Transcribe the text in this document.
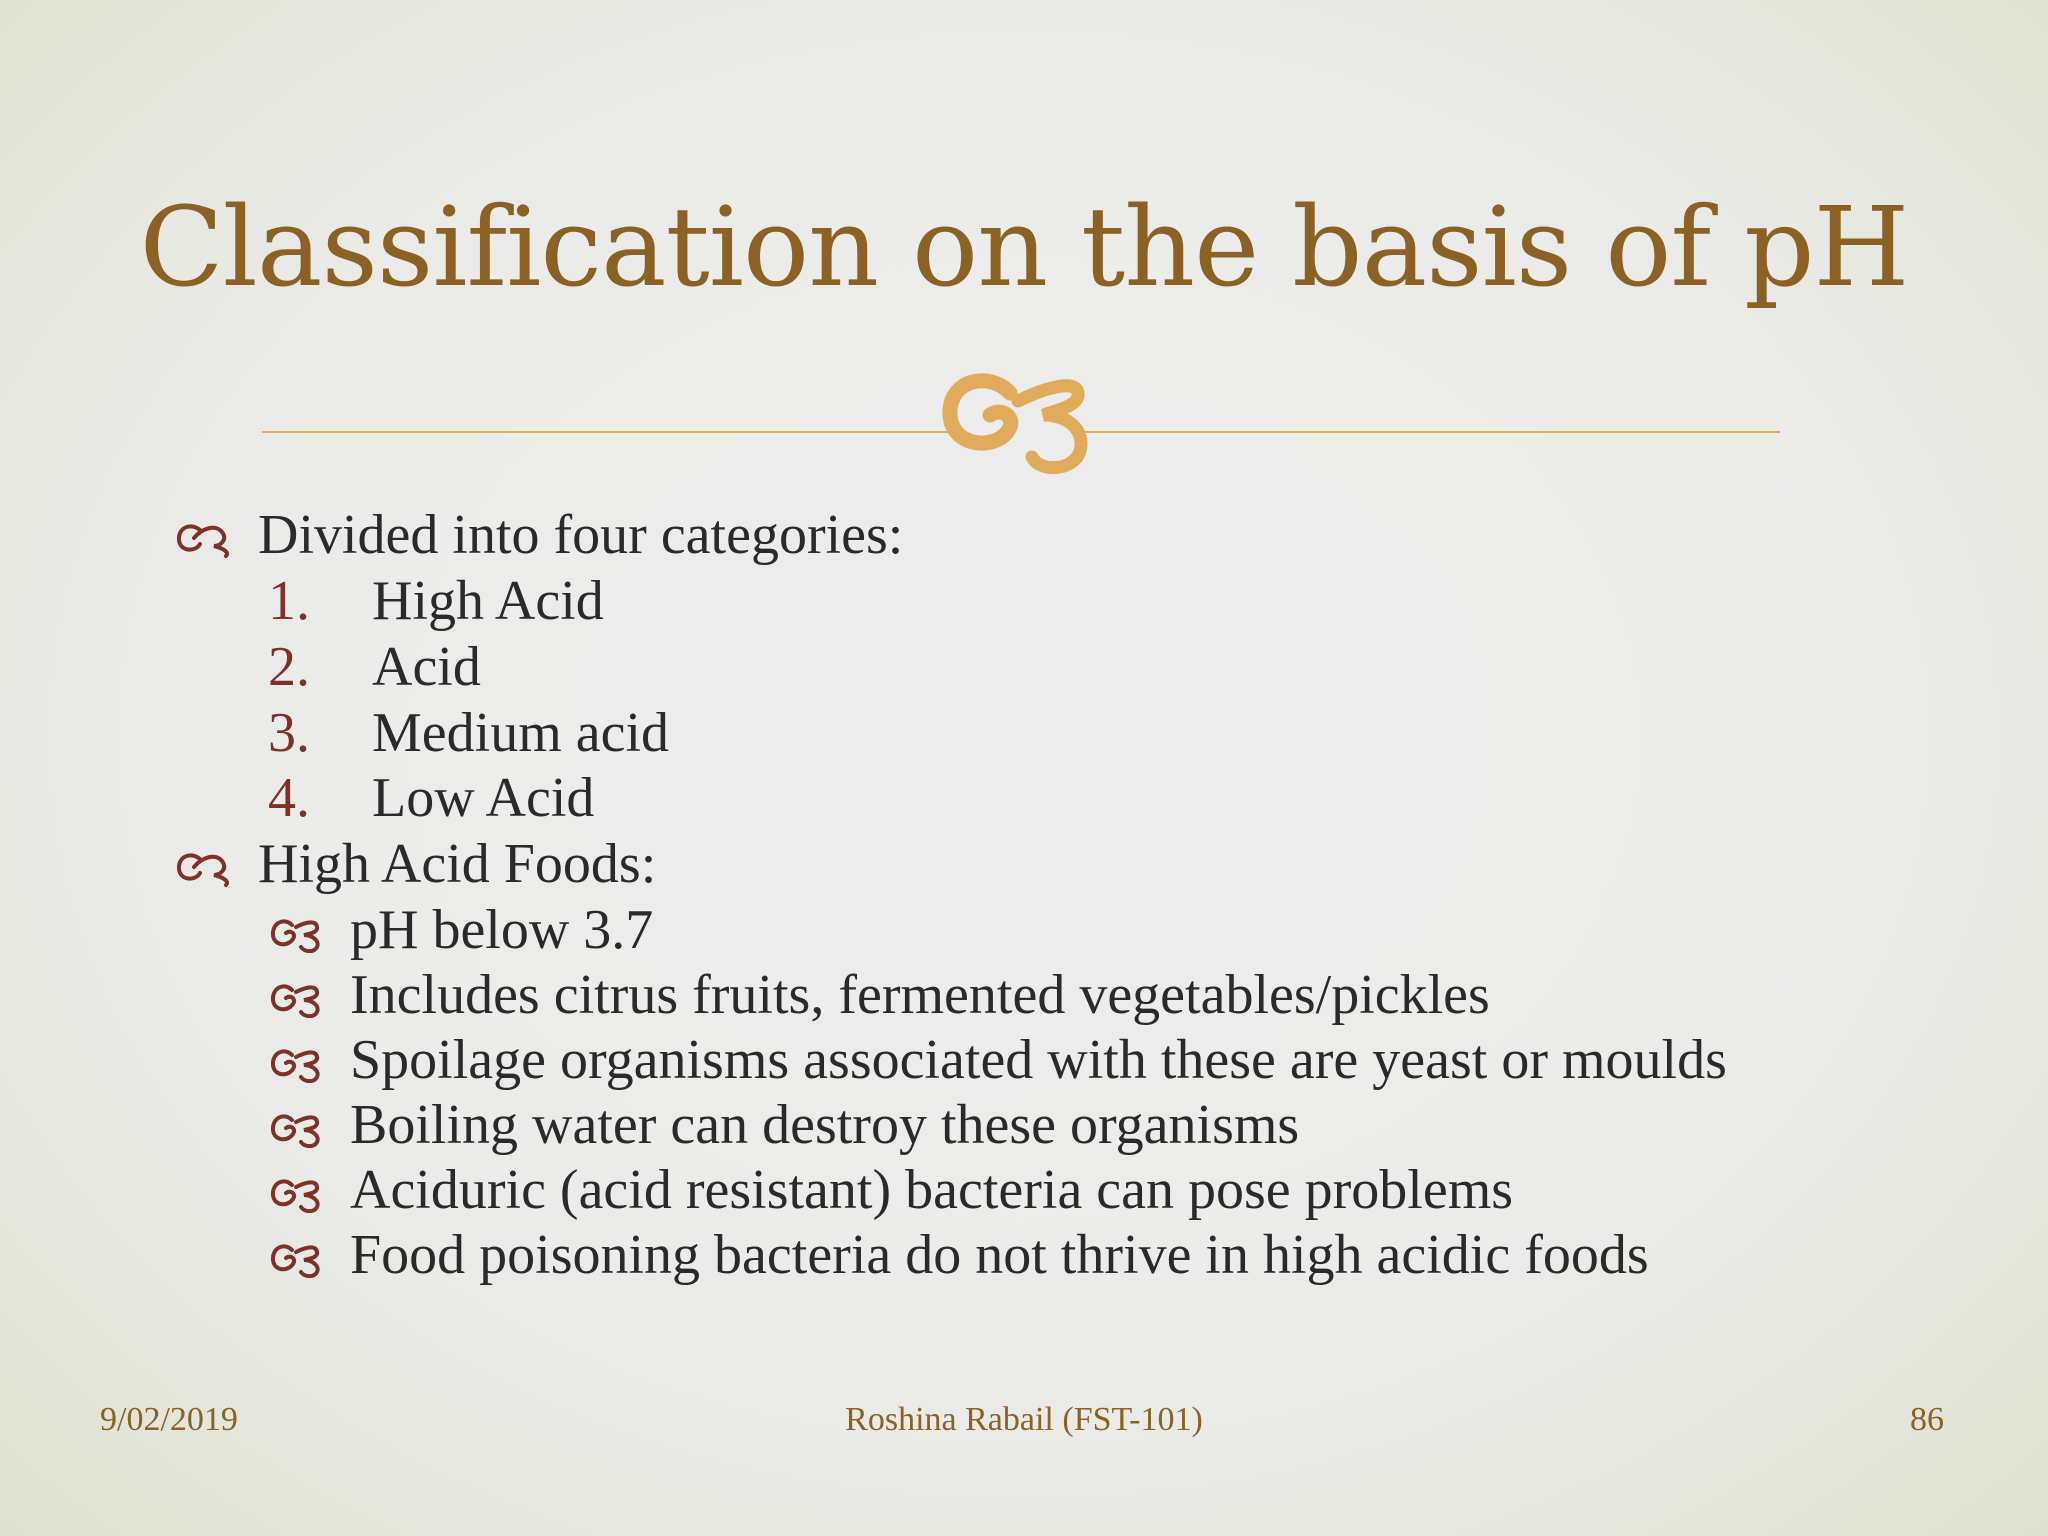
Classification on the basis of pH
Divided into four categories:
1. High Acid
2. Acid
3. Medium acid
4. Low Acid
High Acid Foods:
pH below 3.7
Includes citrus fruits, fermented vegetables/pickles
Spoilage organisms associated with these are yeast or moulds
Boiling water can destroy these organisms
Aciduric (acid resistant) bacteria can pose problems
Food poisoning bacteria do not thrive in high acidic foods
9/02/2019	Roshina Rabail (FST-101)	86
